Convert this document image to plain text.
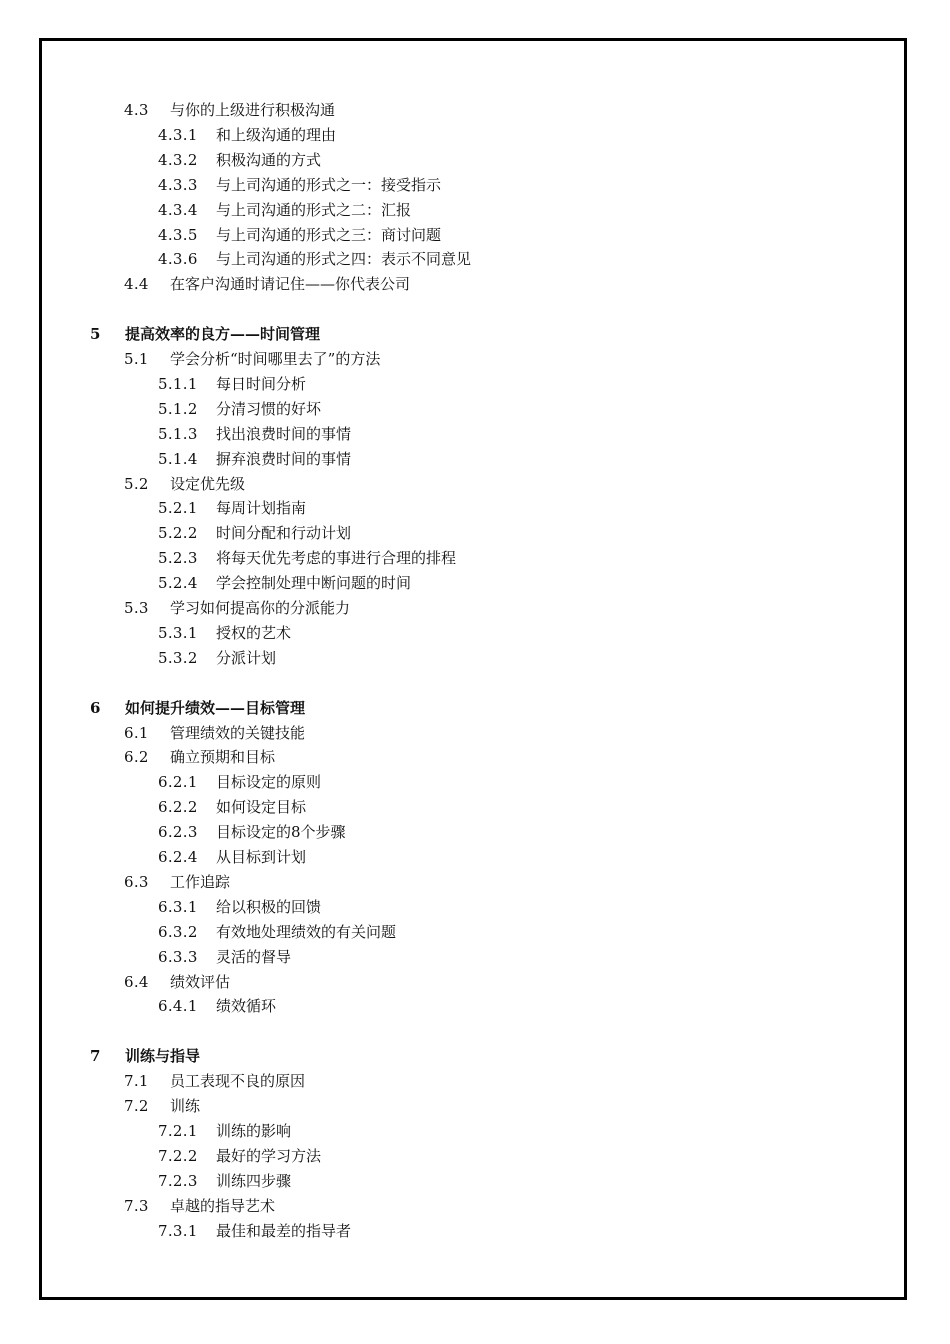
4.3 与你的上级进行积极沟通
4.3.1 和上级沟通的理由
4.3.2 积极沟通的方式
4.3.3 与上司沟通的形式之一：接受指示
4.3.4 与上司沟通的形式之二：汇报
4.3.5 与上司沟通的形式之三：商讨问题
4.3.6 与上司沟通的形式之四：表示不同意见
4.4 在客户沟通时请记住——你代表公司
5 提高效率的良方——时间管理
5.1 学会分析“时间哪里去了”的方法
5.1.1 每日时间分析
5.1.2 分清习惯的好坏
5.1.3 找出浪费时间的事情
5.1.4 摒弃浪费时间的事情
5.2 设定优先级
5.2.1 每周计划指南
5.2.2 时间分配和行动计划
5.2.3 将每天优先考虑的事进行合理的排程
5.2.4 学会控制处理中断问题的时间
5.3 学习如何提高你的分派能力
5.3.1 授权的艺术
5.3.2 分派计划
6 如何提升绩效——目标管理
6.1 管理绩效的关键技能
6.2 确立预期和目标
6.2.1 目标设定的原则
6.2.2 如何设定目标
6.2.3 目标设定的8个步骤
6.2.4 从目标到计划
6.3 工作追踪
6.3.1 给以积极的回馈
6.3.2 有效地处理绩效的有关问题
6.3.3 灵活的督导
6.4 绩效评估
6.4.1 绩效循环
7 训练与指导
7.1 员工表现不良的原因
7.2 训练
7.2.1 训练的影响
7.2.2 最好的学习方法
7.2.3 训练四步骤
7.3 卓越的指导艺术
7.3.1 最佳和最差的指导者
